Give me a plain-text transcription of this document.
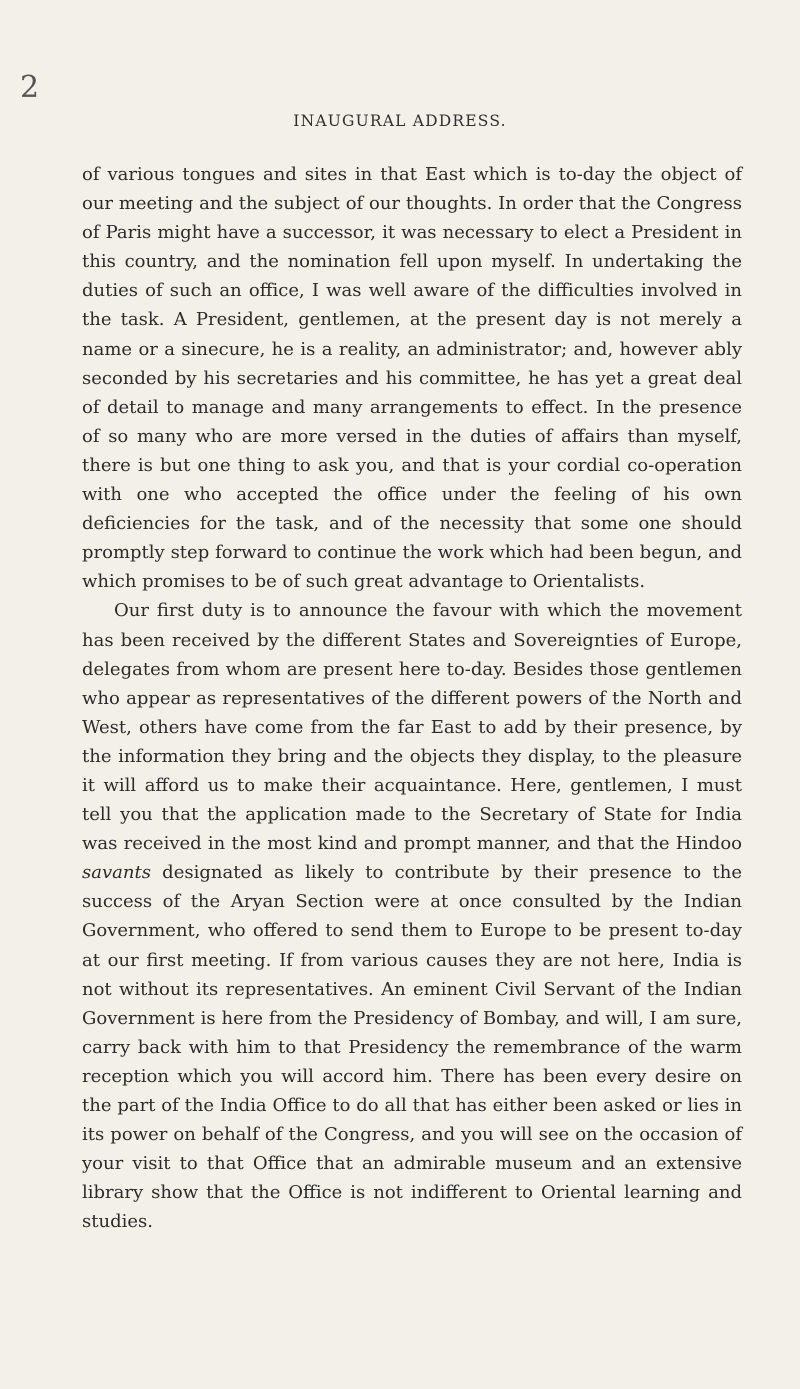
2
INAUGURAL ADDRESS.

of various tongues and sites in that East which is to-day the object of our meeting and the subject of our thoughts. In order that the Congress of Paris might have a successor, it was necessary to elect a President in this country, and the nomination fell upon myself. In undertaking the duties of such an office, I was well aware of the difficulties involved in the task. A President, gentlemen, at the present day is not merely a name or a sinecure, he is a reality, an administrator; and, however ably seconded by his secretaries and his committee, he has yet a great deal of detail to manage and many arrangements to effect. In the presence of so many who are more versed in the duties of affairs than myself, there is but one thing to ask you, and that is your cordial co-operation with one who accepted the office under the feeling of his own deficiencies for the task, and of the necessity that some one should promptly step forward to continue the work which had been begun, and which promises to be of such great advantage to Orientalists.

Our first duty is to announce the favour with which the movement has been received by the different States and Sovereignties of Europe, delegates from whom are present here to-day. Besides those gentlemen who appear as representatives of the different powers of the North and West, others have come from the far East to add by their presence, by the information they bring and the objects they display, to the pleasure it will afford us to make their acquaintance. Here, gentlemen, I must tell you that the application made to the Secretary of State for India was received in the most kind and prompt manner, and that the Hindoo savants designated as likely to contribute by their presence to the success of the Aryan Section were at once consulted by the Indian Government, who offered to send them to Europe to be present to-day at our first meeting. If from various causes they are not here, India is not without its representatives. An eminent Civil Servant of the Indian Government is here from the Presidency of Bombay, and will, I am sure, carry back with him to that Presidency the remembrance of the warm reception which you will accord him. There has been every desire on the part of the India Office to do all that has either been asked or lies in its power on behalf of the Congress, and you will see on the occasion of your visit to that Office that an admirable museum and an extensive library show that the Office is not indifferent to Oriental learning and studies.
